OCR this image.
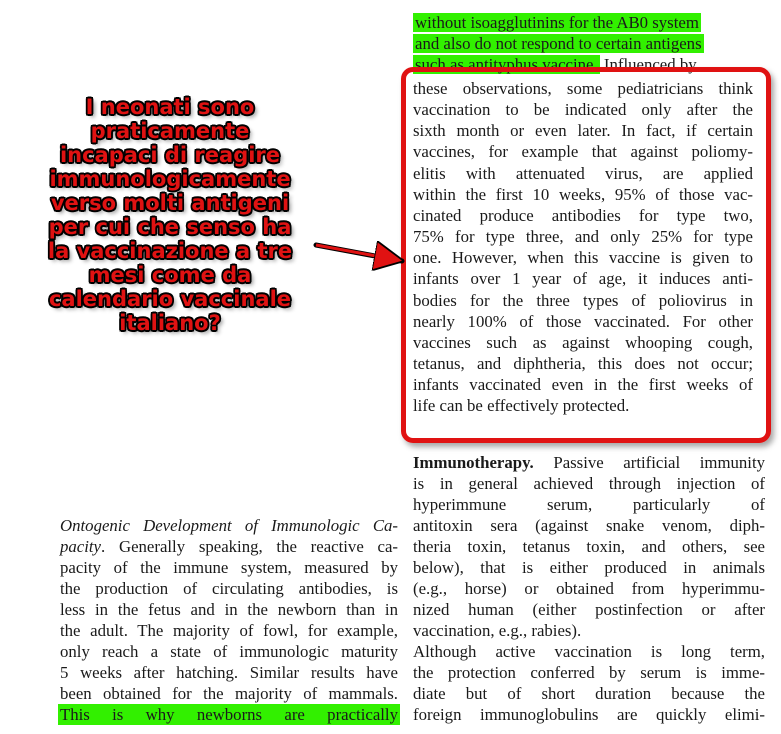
without isoagglutinins for the AB0 system
and also do not respond to certain antigens
such as antityphus vaccine. Influenced by
these observations, some pediatricians think
vaccination to be indicated only after the
sixth month or even later. In fact, if certain
vaccines, for example that against poliomy-
elitis with attenuated virus, are applied
within the first 10 weeks, 95% of those vac-
cinated produce antibodies for type two,
75% for type three, and only 25% for type
one. However, when this vaccine is given to
infants over 1 year of age, it induces anti-
bodies for the three types of poliovirus in
nearly 100% of those vaccinated. For other
vaccines such as against whooping cough,
tetanus, and diphtheria, this does not occur;
infants vaccinated even in the first weeks of
life can be effectively protected.
I neonati sono
praticamente
incapaci di reagire
immunologicamente
verso molti antigeni
per cui che senso ha
la vaccinazione a tre
mesi come da
calendario vaccinale
italiano?
Immunotherapy. Passive artificial immunity
is in general achieved through injection of
hyperimmune serum, particularly of
antitoxin sera (against snake venom, diph-
theria toxin, tetanus toxin, and others, see
below), that is either produced in animals
(e.g., horse) or obtained from hyperimmu-
nized human (either postinfection or after
vaccination, e.g., rabies).
Although active vaccination is long term,
the protection conferred by serum is imme-
diate but of short duration because the
foreign immunoglobulins are quickly elimi-
Ontogenic Development of Immunologic Ca-
pacity. Generally speaking, the reactive ca-
pacity of the immune system, measured by
the production of circulating antibodies, is
less in the fetus and in the newborn than in
the adult. The majority of fowl, for example,
only reach a state of immunologic maturity
5 weeks after hatching. Similar results have
been obtained for the majority of mammals.
This  is  why  newborns  are  practically
